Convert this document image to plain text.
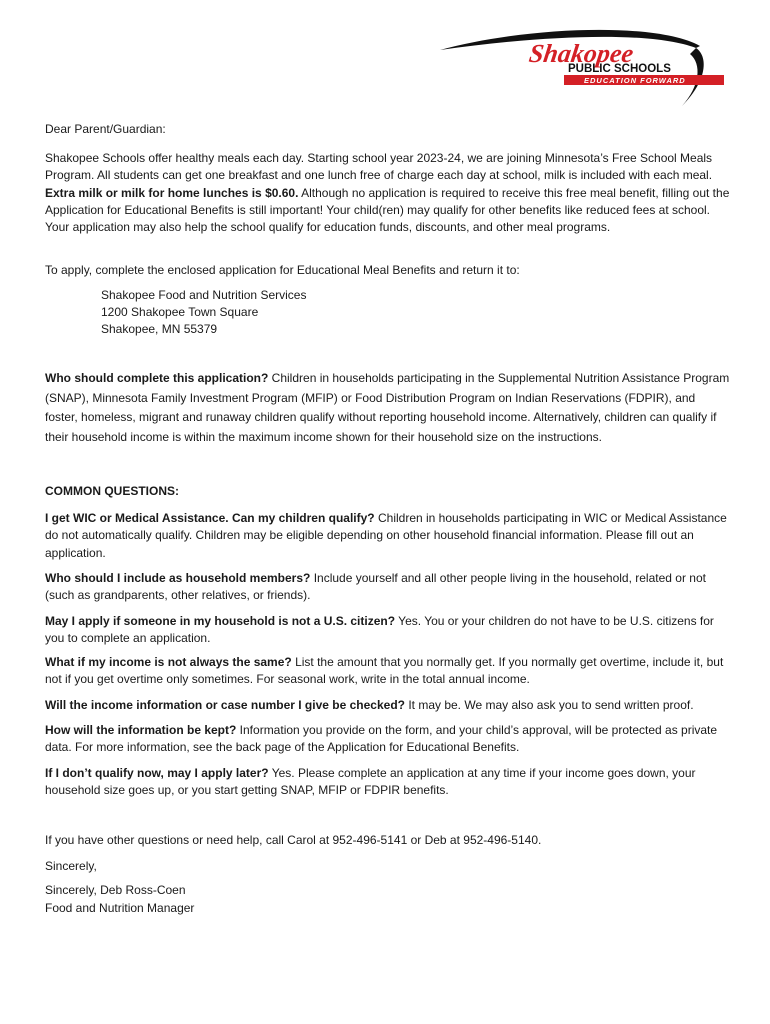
Shakopee
PUBLIC SCHOOLS
EDUCATION FORWARD

Dear Parent/Guardian:

Shakopee Schools offer healthy meals each day. Starting school year 2023-24, we are joining Minnesota’s Free School Meals Program. All students can get one breakfast and one lunch free of charge each day at school, milk is included with each meal. Extra milk or milk for home lunches is $0.60. Although no application is required to receive this free meal benefit, filling out the Application for Educational Benefits is still important! Your child(ren) may qualify for other benefits like reduced fees at school. Your application may also help the school qualify for education funds, discounts, and other meal programs.

To apply, complete the enclosed application for Educational Meal Benefits and return it to:

Shakopee Food and Nutrition Services

1200 Shakopee Town Square

Shakopee, MN 55379

Who should complete this application? Children in households participating in the Supplemental Nutrition Assistance Program (SNAP), Minnesota Family Investment Program (MFIP) or Food Distribution Program on Indian Reservations (FDPIR), and foster, homeless, migrant and runaway children qualify without reporting household income. Alternatively, children can qualify if their household income is within the maximum income shown for their household size on the instructions.

COMMON QUESTIONS:

I get WIC or Medical Assistance. Can my children qualify? Children in households participating in WIC or Medical Assistance do not automatically qualify. Children may be eligible depending on other household financial information. Please fill out an application.

Who should I include as household members? Include yourself and all other people living in the household, related or not (such as grandparents, other relatives, or friends).

May I apply if someone in my household is not a U.S. citizen? Yes. You or your children do not have to be U.S. citizens for you to complete an application.

What if my income is not always the same? List the amount that you normally get. If you normally get overtime, include it, but not if you get overtime only sometimes. For seasonal work, write in the total annual income.

Will the income information or case number I give be checked? It may be. We may also ask you to send written proof.

How will the information be kept? Information you provide on the form, and your child’s approval, will be protected as private data. For more information, see the back page of the Application for Educational Benefits.

If I don’t qualify now, may I apply later? Yes. Please complete an application at any time if your income goes down, your household size goes up, or you start getting SNAP, MFIP or FDPIR benefits.

If you have other questions or need help, call Carol at 952-496-5141 or Deb at 952-496-5140.

Sincerely,

Sincerely, Deb Ross-Coen

Food and Nutrition Manager
